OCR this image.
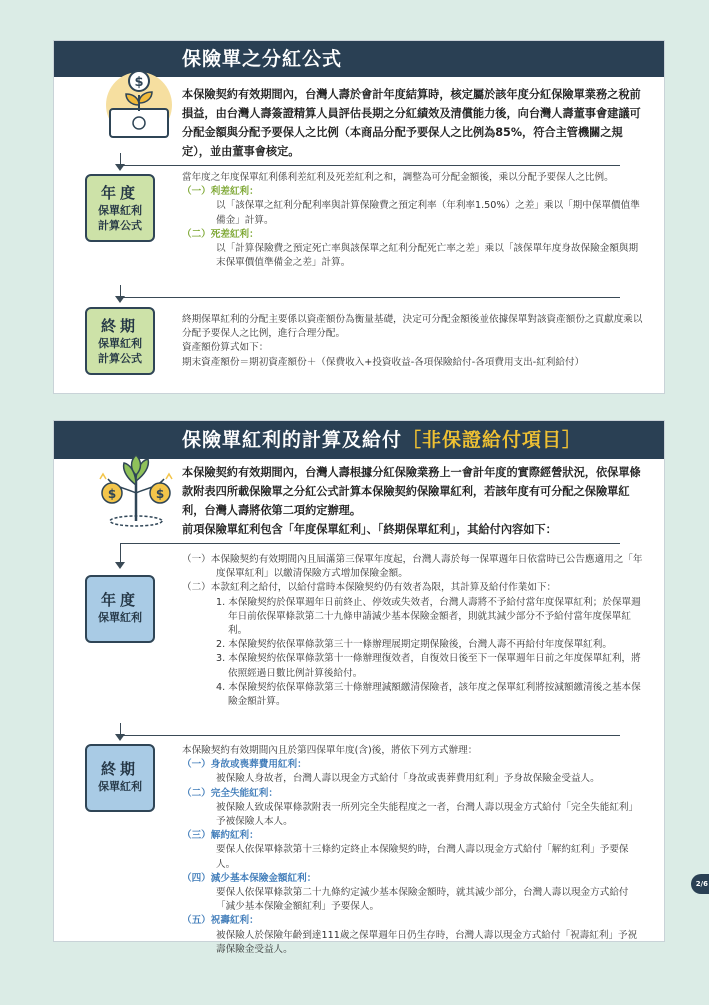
保險單之分紅公式
$
本保險契約有效期間內，台灣人壽於會計年度結算時，核定屬於該年度分紅保險單業務之稅前損益，由台灣人壽簽證精算人員評估長期之分紅績效及清償能力後，向台灣人壽董事會建議可分配金額與分配予要保人之比例（本商品分配予要保人之比例為85%，符合主管機關之規定），並由董事會核定。
年度
保單紅利
計算公式
當年度之年度保單紅利係利差紅利及死差紅利之和，調整為可分配金額後，乘以分配予要保人之比例。
（一）利差紅利：
以「該保單之紅利分配利率與計算保險費之預定利率（年利率1.50%）之差」乘以「期中保單價值準備金」計算。
（二）死差紅利：
以「計算保險費之預定死亡率與該保單之紅利分配死亡率之差」乘以「該保單年度身故保險金額與期末保單價值準備金之差」計算。
終期
保單紅利
計算公式
終期保單紅利的分配主要係以資產額份為衡量基礎，決定可分配金額後並依據保單對該資產額份之貢獻度乘以分配予要保人之比例，進行合理分配。
資產額份算式如下：
期末資產額份＝期初資產額份＋（保費收入+投資收益-各項保險給付-各項費用支出-紅利給付）
保險單紅利的計算及給付［非保證給付項目］
$	$
本保險契約有效期間內，台灣人壽根據分紅保險業務上一會計年度的實際經營狀況，依保單條款附表四所載保險單之分紅公式計算本保險契約保險單紅利，若該年度有可分配之保險單紅利，台灣人壽將依第二項約定辦理。
前項保險單紅利包含「年度保單紅利」、「終期保單紅利」，其給付內容如下：
年度
保單紅利
（一）本保險契約有效期間內且屆滿第三保單年度起，台灣人壽於每一保單週年日依當時已公告應適用之「年度保單紅利」以繳清保險方式增加保險金額。
（二）本款紅利之給付，以給付當時本保險契約仍有效者為限，其計算及給付作業如下：
1. 本保險契約於保單週年日前終止、停效或失效者，台灣人壽將不予給付當年度保單紅利；於保單週年日前依保單條款第二十九條申請減少基本保險金額者，則就其減少部分不予給付當年度保單紅利。
2. 本保險契約依保單條款第三十一條辦理展期定期保險後，台灣人壽不再給付年度保單紅利。
3. 本保險契約依保單條款第十一條辦理復效者，自復效日後至下一保單週年日前之年度保單紅利，將依照經過日數比例計算後給付。
4. 本保險契約依保單條款第三十條辦理減額繳清保險者，該年度之保單紅利將按減額繳清後之基本保險金額計算。
終期
保單紅利
本保險契約有效期間內且於第四保單年度(含)後，將依下列方式辦理：
（一）身故或喪葬費用紅利：
被保險人身故者，台灣人壽以現金方式給付「身故或喪葬費用紅利」予身故保險金受益人。
（二）完全失能紅利：
被保險人致成保單條款附表一所列完全失能程度之一者，台灣人壽以現金方式給付「完全失能紅利」予被保險人本人。
（三）解約紅利：
要保人依保單條款第十三條約定終止本保險契約時，台灣人壽以現金方式給付「解約紅利」予要保人。
（四）減少基本保險金額紅利：
要保人依保單條款第二十九條約定減少基本保險金額時，就其減少部分，台灣人壽以現金方式給付「減少基本保險金額紅利」予要保人。
（五）祝壽紅利：
被保險人於保險年齡到達111歲之保單週年日仍生存時，台灣人壽以現金方式給付「祝壽紅利」予祝壽保險金受益人。
2/6
